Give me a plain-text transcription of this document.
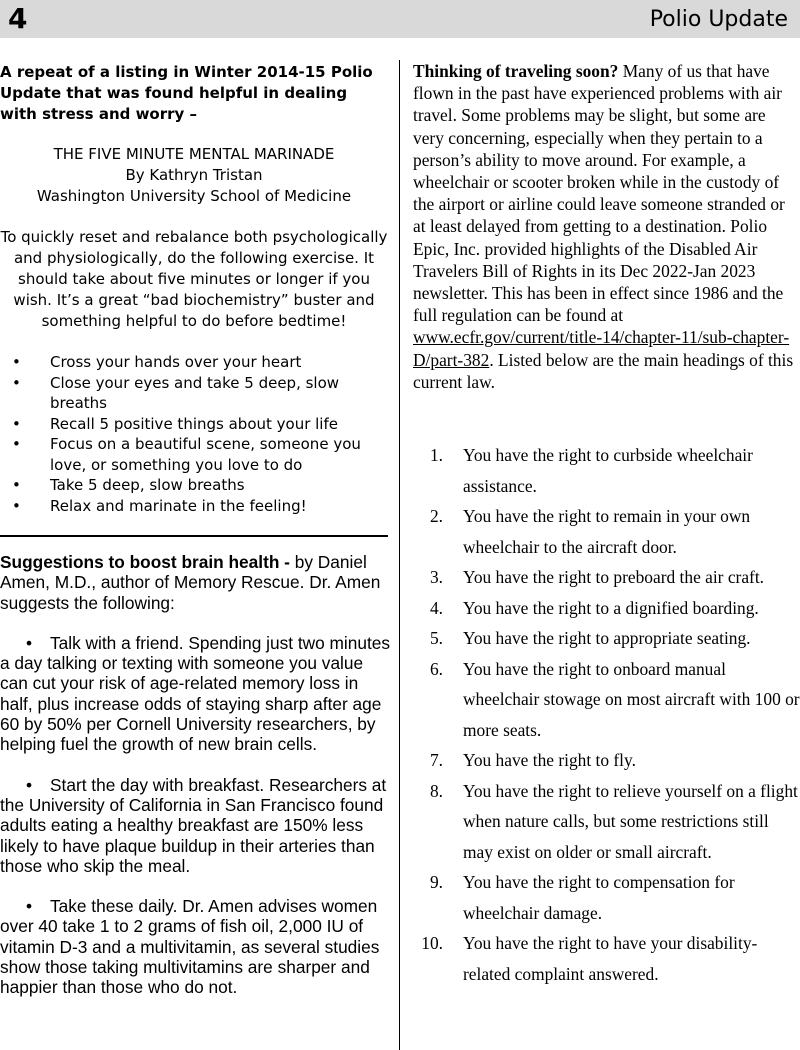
4	Polio Update

A repeat of a listing in Winter 2014-15 Polio Update that was found helpful in dealing with stress and worry –

THE FIVE MINUTE MENTAL MARINADE
By Kathryn Tristan
Washington University School of Medicine
To quickly reset and rebalance both psychologically and physiologically, do the following exercise. It should take about five minutes or longer if you wish. It’s a great “bad biochemistry” buster and something helpful to do before bedtime!
• Cross your hands over your heart
• Close your eyes and take 5 deep, slow breaths
• Recall 5 positive things about your life
• Focus on a beautiful scene, someone you love, or something you love to do
• Take 5 deep, slow breaths
• Relax and marinate in the feeling!

Suggestions to boost brain health - by Daniel Amen, M.D., author of Memory Rescue. Dr. Amen suggests the following:

• Talk with a friend. Spending just two minutes a day talking or texting with someone you value can cut your risk of age-related memory loss in half, plus increase odds of staying sharp after age 60 by 50% per Cornell University researchers, by helping fuel the growth of new brain cells.

• Start the day with breakfast. Researchers at the University of California in San Francisco found adults eating a healthy breakfast are 150% less likely to have plaque buildup in their arteries than those who skip the meal.

• Take these daily. Dr. Amen advises women over 40 take 1 to 2 grams of fish oil, 2,000 IU of vitamin D-3 and a multivitamin, as several studies show those taking multivitamins are sharper and happier than those who do not.

Thinking of traveling soon? Many of us that have flown in the past have experienced problems with air travel. Some problems may be slight, but some are very concerning, especially when they pertain to a person’s ability to move around. For example, a wheelchair or scooter broken while in the custody of the airport or airline could leave someone stranded or at least delayed from getting to a destination. Polio Epic, Inc. provided highlights of the Disabled Air Travelers Bill of Rights in its Dec 2022-Jan 2023 newsletter. This has been in effect since 1986 and the full regulation can be found at www.ecfr.gov/current/title-14/chapter-11/sub-chapter-D/part-382. Listed below are the main headings of this current law.

1. You have the right to curbside wheelchair assistance.
2. You have the right to remain in your own wheelchair to the aircraft door.
3. You have the right to preboard the air craft.
4. You have the right to a dignified boarding.
5. You have the right to appropriate seating.
6. You have the right to onboard manual wheelchair stowage on most aircraft with 100 or more seats.
7. You have the right to fly.
8. You have the right to relieve yourself on a flight when nature calls, but some restrictions still may exist on older or small aircraft.
9. You have the right to compensation for wheelchair damage.
10. You have the right to have your disability-related complaint answered.
